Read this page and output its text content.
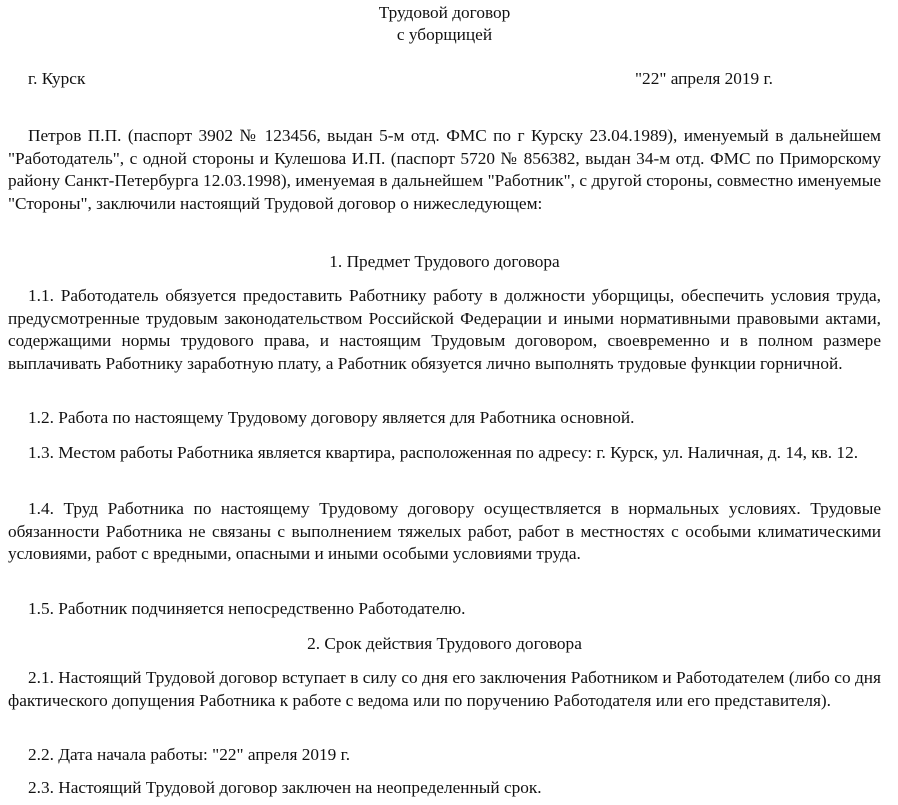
Трудовой договор
с уборщицей
г. Курск	"22" апреля 2019 г.

Петров П.П. (паспорт 3902 № 123456, выдан 5-м отд. ФМС по г Курску 23.04.1989), именуемый в дальнейшем "Работодатель", с одной стороны и Кулешова И.П. (паспорт 5720 № 856382, выдан 34-м отд. ФМС по Приморскому району Санкт-Петербурга 12.03.1998), именуемая в дальнейшем "Работник", с другой стороны, совместно именуемые "Стороны", заключили настоящий Трудовой договор о нижеследующем:

1. Предмет Трудового договора

1.1. Работодатель обязуется предоставить Работнику работу в должности уборщицы, обеспечить условия труда, предусмотренные трудовым законодательством Российской Федерации и иными нормативными правовыми актами, содержащими нормы трудового права, и настоящим Трудовым договором, своевременно и в полном размере выплачивать Работнику заработную плату, а Работник обязуется лично выполнять трудовые функции горничной.

1.2. Работа по настоящему Трудовому договору является для Работника основной.

1.3. Местом работы Работника является квартира, расположенная по адресу: г. Курск, ул. Наличная, д. 14, кв. 12.

1.4. Труд Работника по настоящему Трудовому договору осуществляется в нормальных условиях. Трудовые обязанности Работника не связаны с выполнением тяжелых работ, работ в местностях с особыми климатическими условиями, работ с вредными, опасными и иными особыми условиями труда.

1.5. Работник подчиняется непосредственно Работодателю.

2. Срок действия Трудового договора

2.1. Настоящий Трудовой договор вступает в силу со дня его заключения Работником и Работодателем (либо со дня фактического допущения Работника к работе с ведома или по поручению Работодателя или его представителя).

2.2. Дата начала работы: "22" апреля 2019 г.

2.3. Настоящий Трудовой договор заключен на неопределенный срок.
